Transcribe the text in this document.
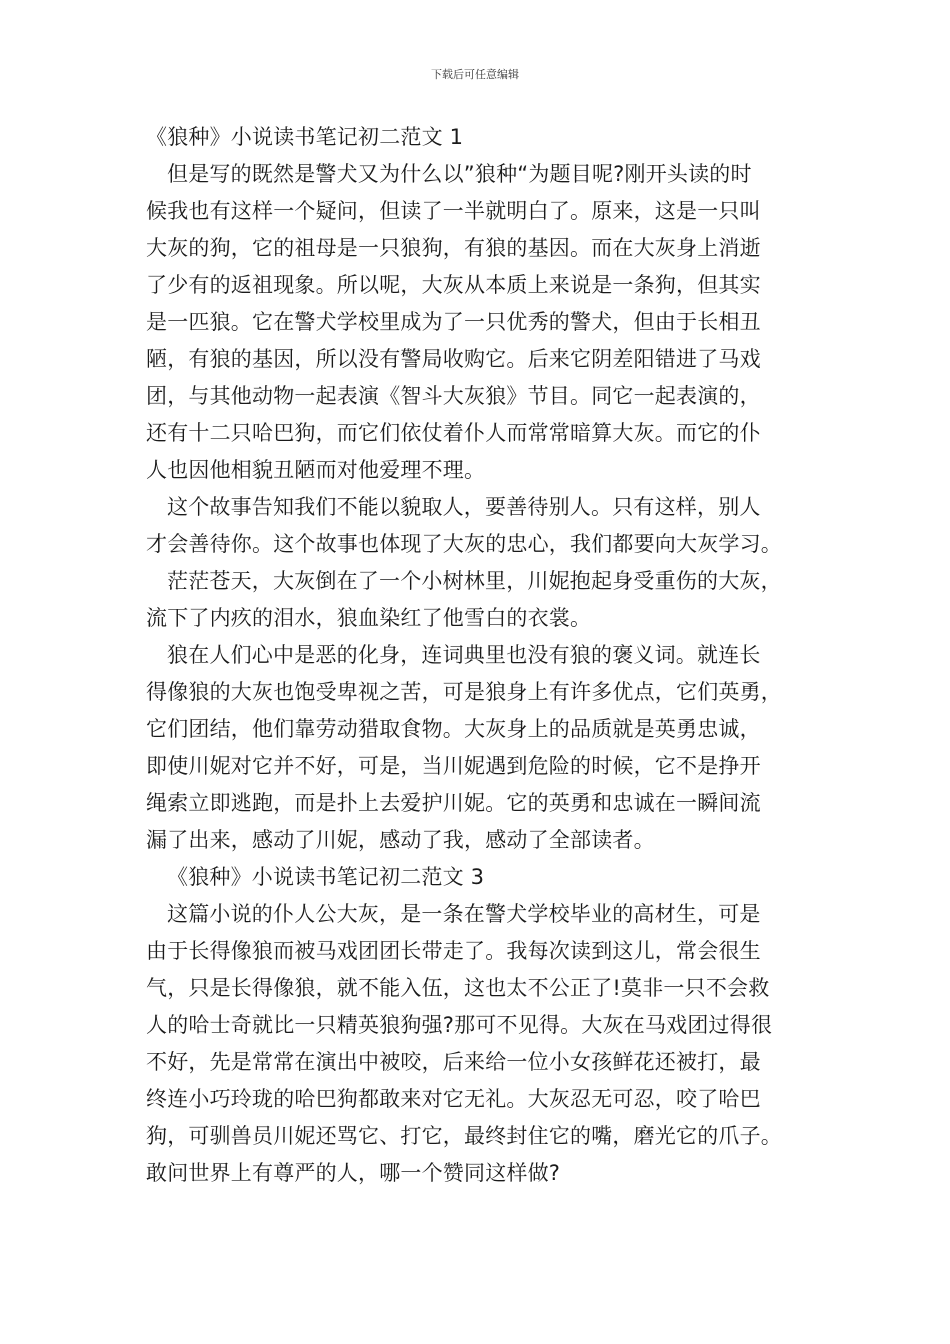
下载后可任意编辑
《狼种》小说读书笔记初二范文 1
但是写的既然是警犬又为什么以”狼种“为题目呢?刚开头读的时
候我也有这样一个疑问，但读了一半就明白了。原来，这是一只叫
大灰的狗，它的祖母是一只狼狗，有狼的基因。而在大灰身上消逝
了少有的返祖现象。所以呢，大灰从本质上来说是一条狗，但其实
是一匹狼。它在警犬学校里成为了一只优秀的警犬，但由于长相丑
陋，有狼的基因，所以没有警局收购它。后来它阴差阳错进了马戏
团，与其他动物一起表演《智斗大灰狼》节目。同它一起表演的，
还有十二只哈巴狗，而它们依仗着仆人而常常暗算大灰。而它的仆
人也因他相貌丑陋而对他爱理不理。
这个故事告知我们不能以貌取人，要善待别人。只有这样，别人
才会善待你。这个故事也体现了大灰的忠心，我们都要向大灰学习。
茫茫苍天，大灰倒在了一个小树林里，川妮抱起身受重伤的大灰，
流下了内疚的泪水，狼血染红了他雪白的衣裳。
狼在人们心中是恶的化身，连词典里也没有狼的褒义词。就连长
得像狼的大灰也饱受卑视之苦，可是狼身上有许多优点，它们英勇，
它们团结，他们靠劳动猎取食物。大灰身上的品质就是英勇忠诚，
即使川妮对它并不好，可是，当川妮遇到危险的时候，它不是挣开
绳索立即逃跑，而是扑上去爱护川妮。它的英勇和忠诚在一瞬间流
漏了出来，感动了川妮，感动了我，感动了全部读者。
《狼种》小说读书笔记初二范文 3
这篇小说的仆人公大灰，是一条在警犬学校毕业的高材生，可是
由于长得像狼而被马戏团团长带走了。我每次读到这儿，常会很生
气，只是长得像狼，就不能入伍，这也太不公正了!莫非一只不会救
人的哈士奇就比一只精英狼狗强?那可不见得。大灰在马戏团过得很
不好，先是常常在演出中被咬，后来给一位小女孩鲜花还被打，最
终连小巧玲珑的哈巴狗都敢来对它无礼。大灰忍无可忍，咬了哈巴
狗，可驯兽员川妮还骂它、打它，最终封住它的嘴，磨光它的爪子。
敢问世界上有尊严的人，哪一个赞同这样做?
